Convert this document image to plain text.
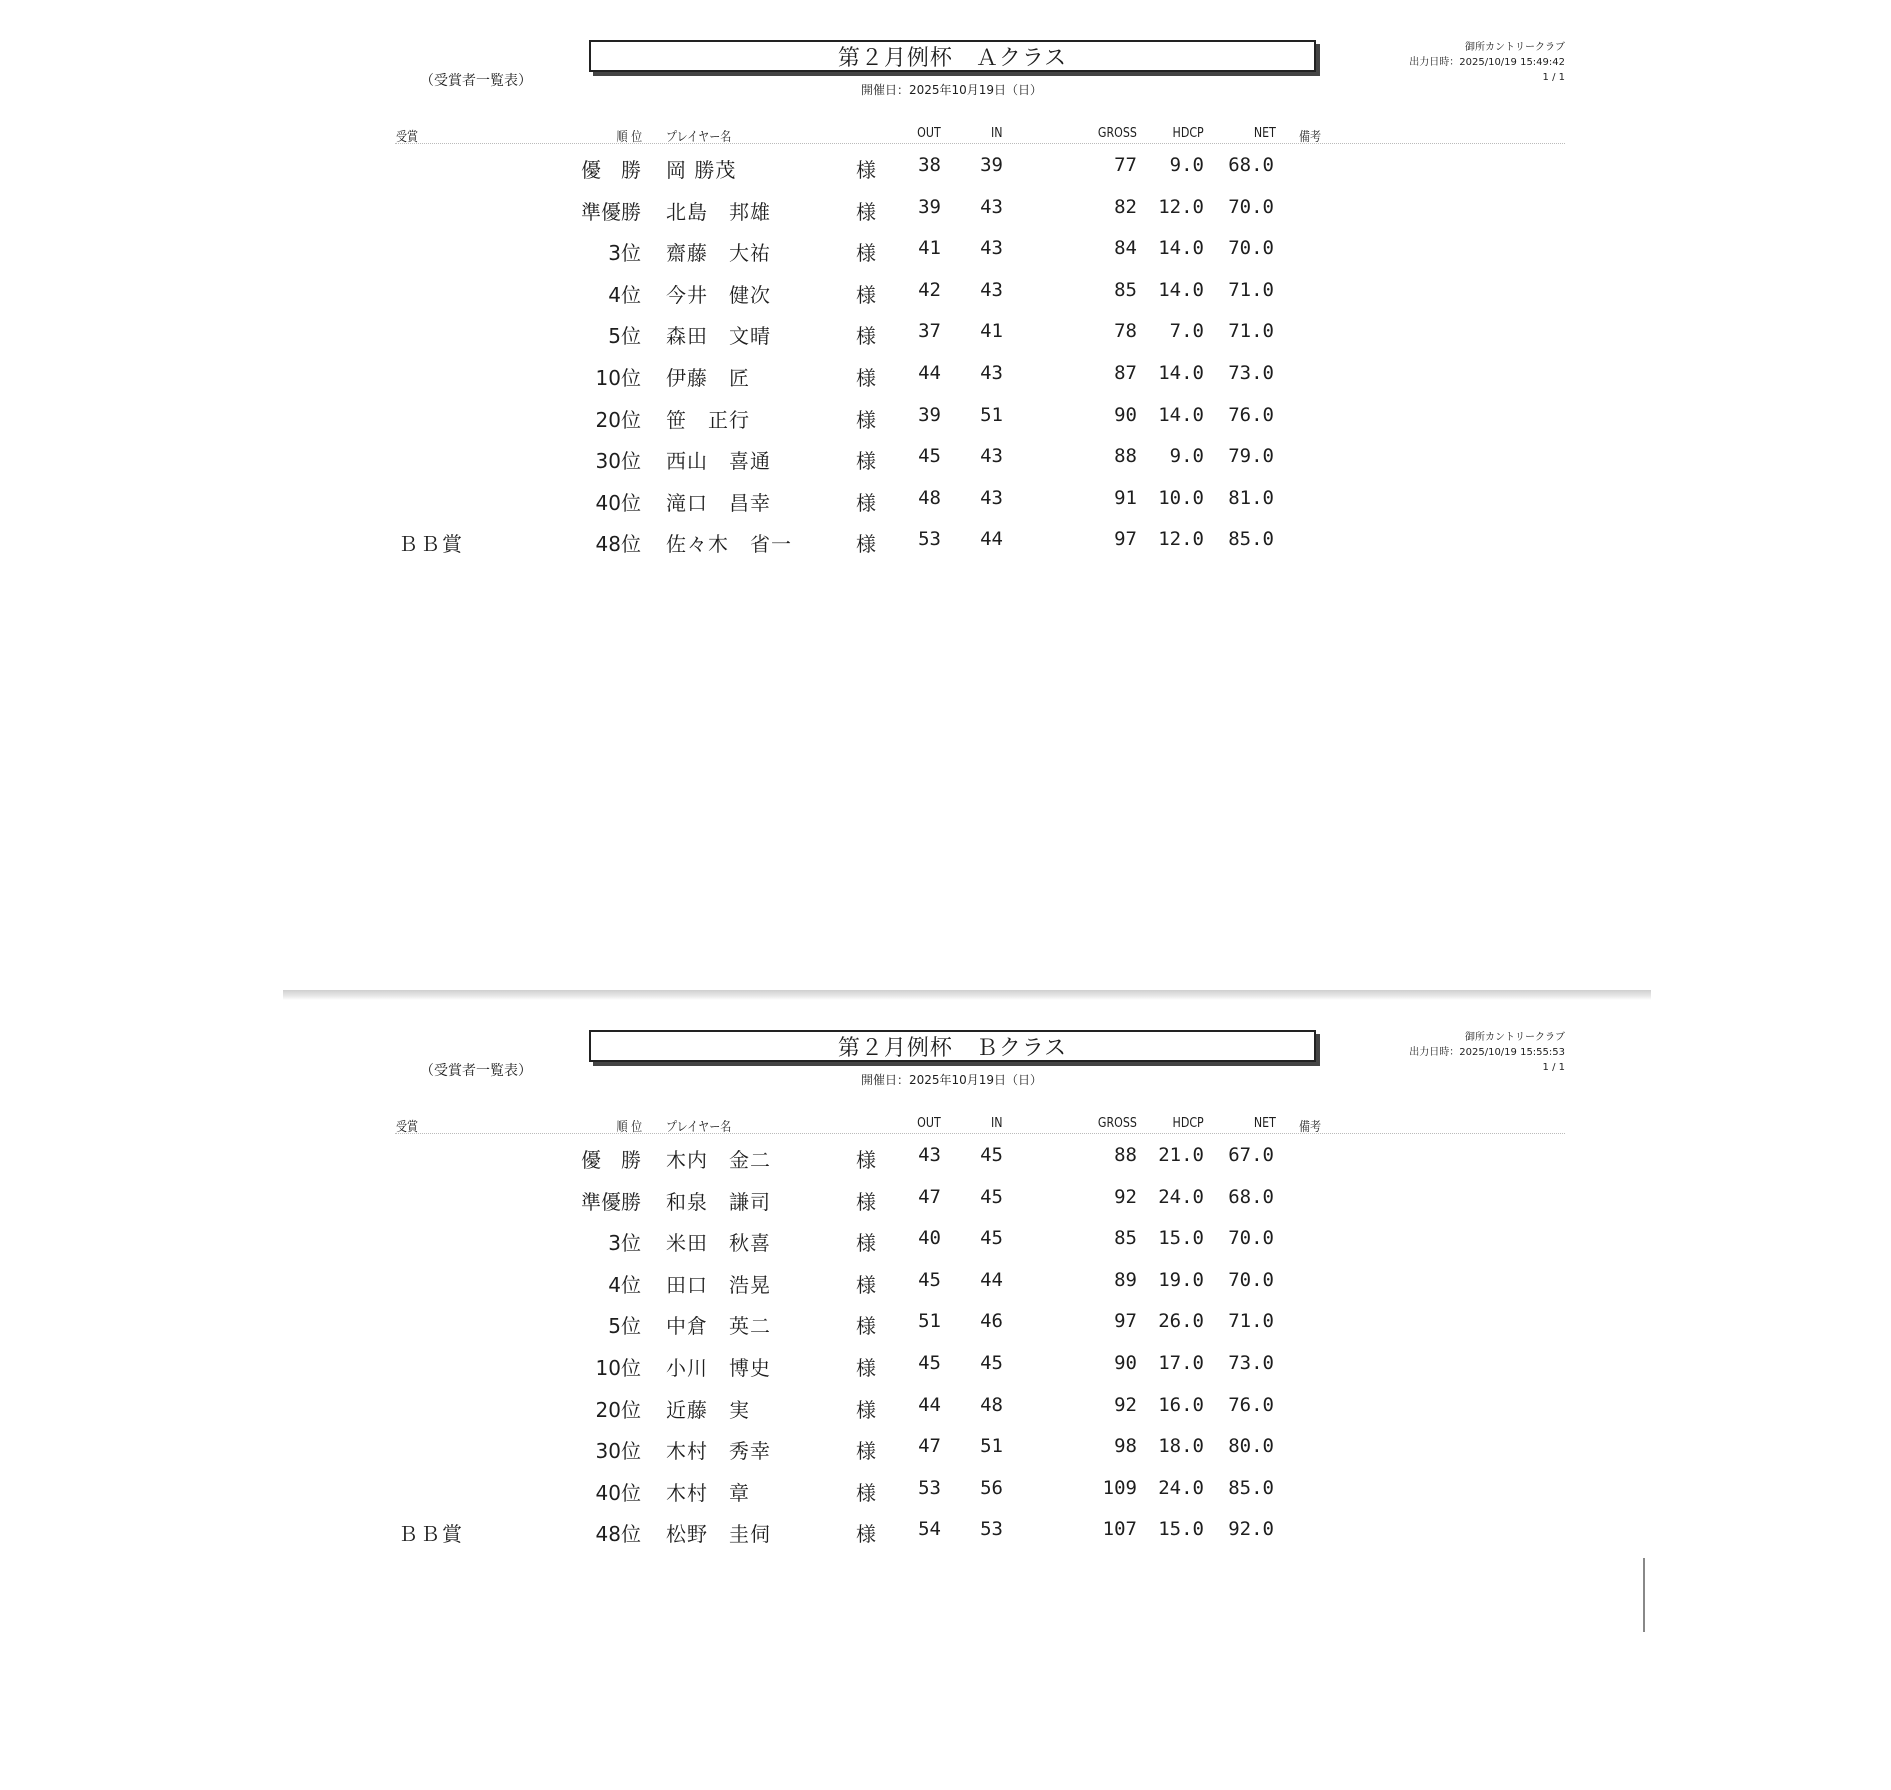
第２月例杯　Ａクラス
開催日：2025年10月19日（日）
（受賞者一覧表）
御所カントリークラブ
出力日時：2025/10/19 15:49:42
1 / 1
受賞	順 位 プレイヤー名	OUT	IN	GROSS	HDCP	NET 備考
優　勝 岡 勝茂	様 38 39	77 9.0 68.0
準優勝 北島　邦雄	様 39 43	82 12.0 70.0
3位 齋藤　大祐	様 41 43	84 14.0 70.0
4位 今井　健次	様 42 43	85 14.0 71.0
5位 森田　文晴	様 37 41	78 7.0 71.0
10位 伊藤　匠	様 44 43	87 14.0 73.0
20位 笹　正行	様 39 51	90 14.0 76.0
30位 西山　喜通	様 45 43	88 9.0 79.0
40位 滝口　昌幸	様 48 43	91 10.0 81.0
ＢＢ賞	48位 佐々木　省一	様 53 44	97 12.0 85.0
第２月例杯　Ｂクラス
開催日：2025年10月19日（日）
（受賞者一覧表）
御所カントリークラブ
出力日時：2025/10/19 15:55:53
1 / 1
受賞	順 位 プレイヤー名	OUT	IN	GROSS	HDCP	NET 備考
優　勝 木内　金二	様 43 45	88 21.0 67.0
準優勝 和泉　謙司	様 47 45	92 24.0 68.0
3位 米田　秋喜	様 40 45	85 15.0 70.0
4位 田口　浩晃	様 45 44	89 19.0 70.0
5位 中倉　英二	様 51 46	97 26.0 71.0
10位 小川　博史	様 45 45	90 17.0 73.0
20位 近藤　実	様 44 48	92 16.0 76.0
30位 木村　秀幸	様 47 51	98 18.0 80.0
40位 木村　章	様 53 56	109 24.0 85.0
ＢＢ賞	48位 松野　圭伺	様 54 53	107 15.0 92.0
